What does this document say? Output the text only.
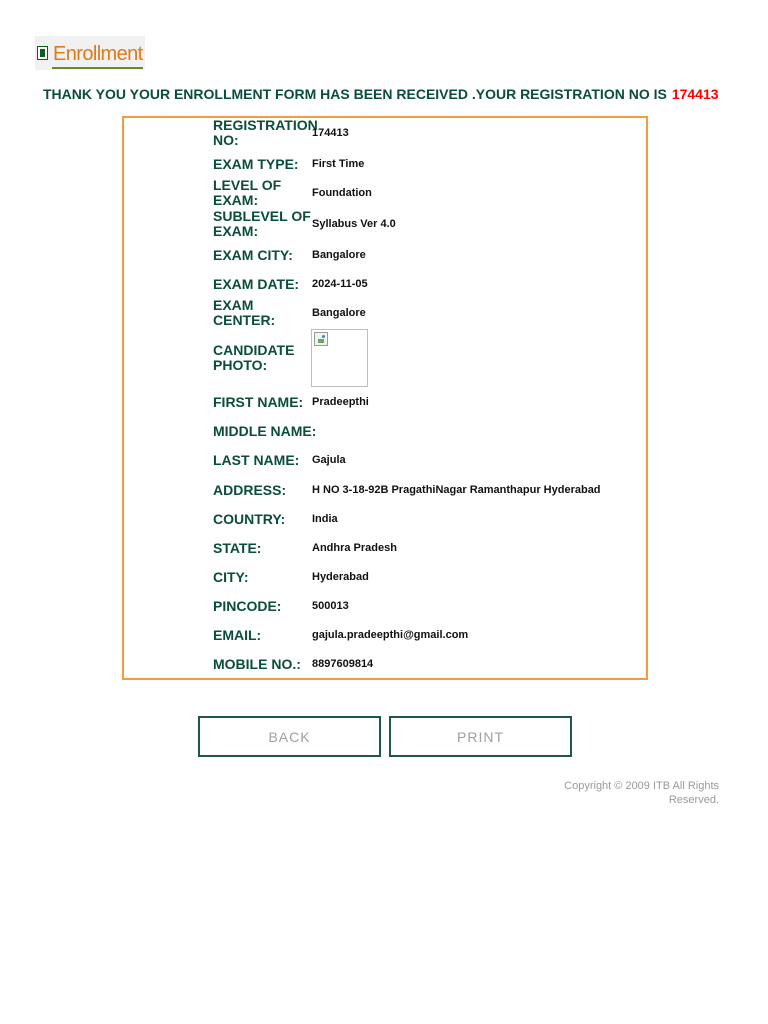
Enrollment
THANK YOU YOUR ENROLLMENT FORM HAS BEEN RECEIVED .YOUR REGISTRATION NO IS 174413
REGISTRATION
NO:	174413
EXAM TYPE:	First Time
LEVEL OF
EXAM:	Foundation
SUBLEVEL OF
EXAM:	Syllabus Ver 4.0
EXAM CITY:	Bangalore
EXAM DATE:	2024-11-05
EXAM
CENTER:	Bangalore
CANDIDATE
PHOTO:
FIRST NAME: Pradeepthi
MIDDLE NAME:
LAST NAME:	Gajula
ADDRESS:	H NO 3-18-92B PragathiNagar Ramanthapur Hyderabad
COUNTRY:	India
STATE:	Andhra Pradesh
CITY:	Hyderabad
PINCODE:	500013
EMAIL:	gajula.pradeepthi@gmail.com
MOBILE NO.:	8897609814
BACK	PRINT
Copyright © 2009 ITB All Rights
Reserved.
